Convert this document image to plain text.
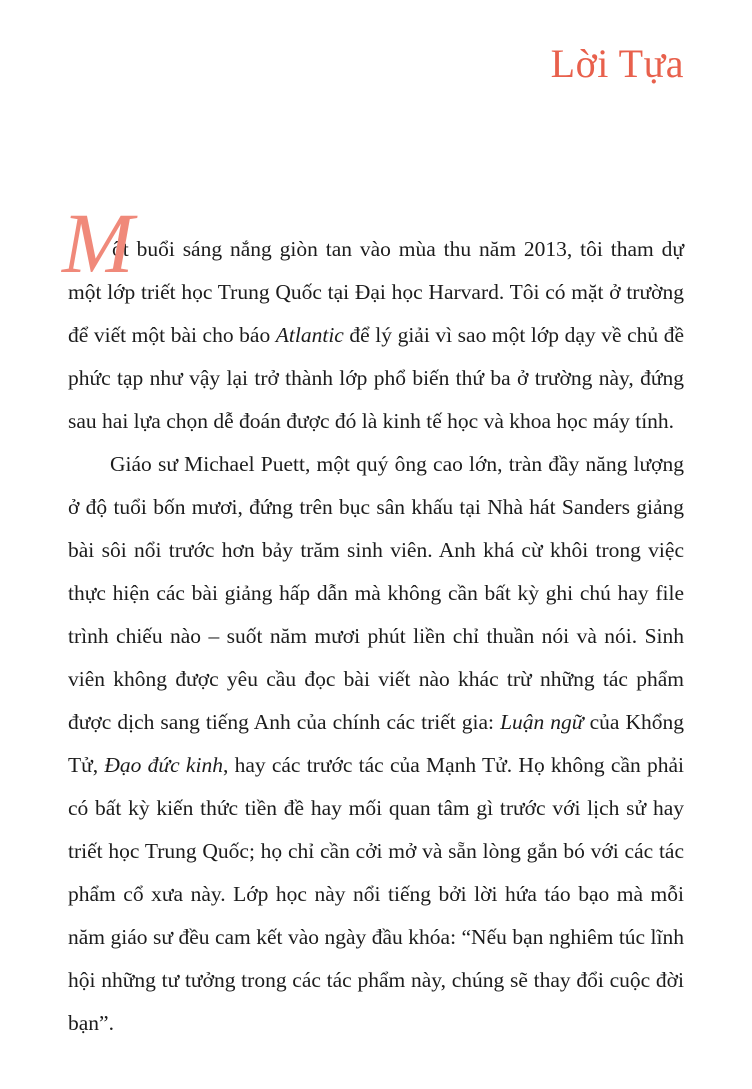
Lời Tựa

M
ột buổi sáng nắng giòn tan vào mùa thu năm 2013, tôi tham dự một lớp triết học Trung Quốc tại Đại học Harvard. Tôi có mặt ở trường để viết một bài cho báo Atlantic để lý giải vì sao một lớp dạy về chủ đề phức tạp như vậy lại trở thành lớp phổ biến thứ ba ở trường này, đứng sau hai lựa chọn dễ đoán được đó là kinh tế học và khoa học máy tính.

Giáo sư Michael Puett, một quý ông cao lớn, tràn đầy năng lượng ở độ tuổi bốn mươi, đứng trên bục sân khấu tại Nhà hát Sanders giảng bài sôi nổi trước hơn bảy trăm sinh viên. Anh khá cừ khôi trong việc thực hiện các bài giảng hấp dẫn mà không cần bất kỳ ghi chú hay file trình chiếu nào – suốt năm mươi phút liền chỉ thuần nói và nói. Sinh viên không được yêu cầu đọc bài viết nào khác trừ những tác phẩm được dịch sang tiếng Anh của chính các triết gia: Luận ngữ của Khổng Tử, Đạo đức kinh, hay các trước tác của Mạnh Tử. Họ không cần phải có bất kỳ kiến thức tiền đề hay mối quan tâm gì trước với lịch sử hay triết học Trung Quốc; họ chỉ cần cởi mở và sẵn lòng gắn bó với các tác phẩm cổ xưa này. Lớp học này nổi tiếng bởi lời hứa táo bạo mà mỗi năm giáo sư đều cam kết vào ngày đầu khóa: “Nếu bạn nghiêm túc lĩnh hội những tư tưởng trong các tác phẩm này, chúng sẽ thay đổi cuộc đời bạn”.
